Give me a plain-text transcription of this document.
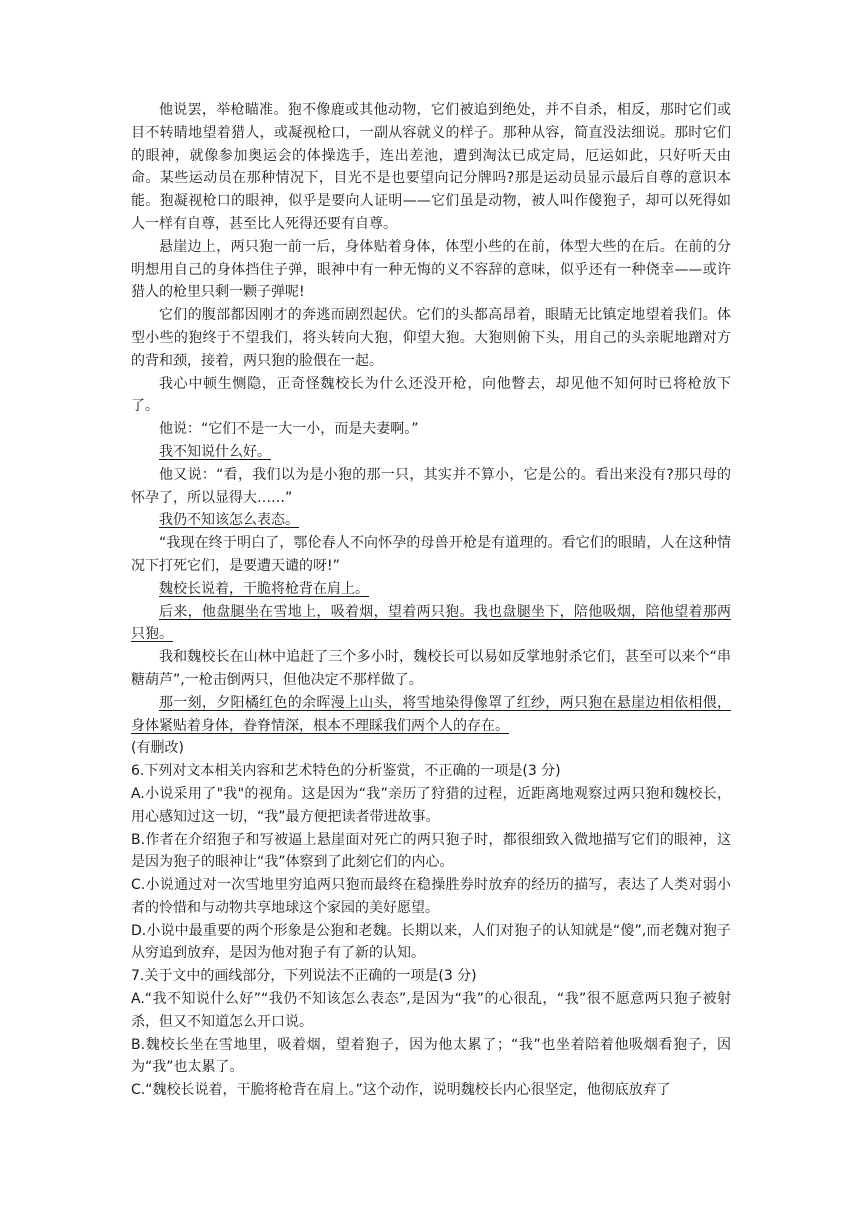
他说罢，举枪瞄准。狍不像鹿或其他动物，它们被追到绝处，并不自杀，相反，那时它们或目不转睛地望着猎人，或凝视枪口，一副从容就义的样子。那种从容，简直没法细说。那时它们的眼神，就像参加奥运会的体操选手，连出差池，遭到淘汰已成定局，厄运如此，只好听天由命。某些运动员在那种情况下，目光不是也要望向记分牌吗?那是运动员显示最后自尊的意识本能。狍凝视枪口的眼神，似乎是要向人证明——它们虽是动物，被人叫作傻狍子，却可以死得如人一样有自尊，甚至比人死得还要有自尊。

悬崖边上，两只狍一前一后，身体贴着身体，体型小些的在前，体型大些的在后。在前的分明想用自己的身体挡住子弹，眼神中有一种无悔的义不容辞的意味，似乎还有一种侥幸——或许猎人的枪里只剩一颗子弹呢!

它们的腹部都因刚才的奔逃而剧烈起伏。它们的头都高昂着，眼睛无比镇定地望着我们。体型小些的狍终于不望我们，将头转向大狍，仰望大狍。大狍则俯下头，用自己的头亲昵地蹭对方的背和颈，接着，两只狍的脸偎在一起。

我心中顿生恻隐，正奇怪魏校长为什么还没开枪，向他瞥去，却见他不知何时已将枪放下了。

他说：“它们不是一大一小，而是夫妻啊。”

我不知说什么好。

他又说：“看，我们以为是小狍的那一只，其实并不算小，它是公的。看出来没有?那只母的怀孕了，所以显得大……”

我仍不知该怎么表态。

“我现在终于明白了，鄂伦春人不向怀孕的母兽开枪是有道理的。看它们的眼睛，人在这种情况下打死它们，是要遭天谴的呀!”

魏校长说着，干脆将枪背在肩上。

后来，他盘腿坐在雪地上，吸着烟，望着两只狍。我也盘腿坐下，陪他吸烟，陪他望着那两只狍。

我和魏校长在山林中追赶了三个多小时，魏校长可以易如反掌地射杀它们，甚至可以来个“串糖葫芦”,一枪击倒两只，但他决定不那样做了。

那一刻，夕阳橘红色的余晖漫上山头，将雪地染得像罩了红纱，两只狍在悬崖边相依相偎，身体紧贴着身体，眷脊情深，根本不理睬我们两个人的存在。

(有删改)

6.下列对文本相关内容和艺术特色的分析鉴赏，不正确的一项是(3 分)

A.小说采用了"我"的视角。这是因为“我”亲历了狩猎的过程，近距离地观察过两只狍和魏校长，用心感知过这一切，“我”最方便把读者带进故事。

B.作者在介绍狍子和写被逼上悬崖面对死亡的两只狍子时，都很细致入微地描写它们的眼神，这是因为狍子的眼神让“我”体察到了此刻它们的内心。

C.小说通过对一次雪地里穷追两只狍而最终在稳操胜券时放弃的经历的描写，表达了人类对弱小者的怜惜和与动物共享地球这个家园的美好愿望。

D.小说中最重要的两个形象是公狍和老魏。长期以来，人们对狍子的认知就是“傻”,而老魏对狍子从穷追到放弃，是因为他对狍子有了新的认知。

7.关于文中的画线部分，下列说法不正确的一项是(3 分)

A.“我不知说什么好”“我仍不知该怎么表态”,是因为“我”的心很乱，“我”很不愿意两只狍子被射杀，但又不知道怎么开口说。

B.魏校长坐在雪地里，吸着烟，望着狍子，因为他太累了；“我”也坐着陪着他吸烟看狍子，因为“我”也太累了。

C.“魏校长说着，干脆将枪背在肩上。”这个动作，说明魏校长内心很坚定，他彻底放弃了
